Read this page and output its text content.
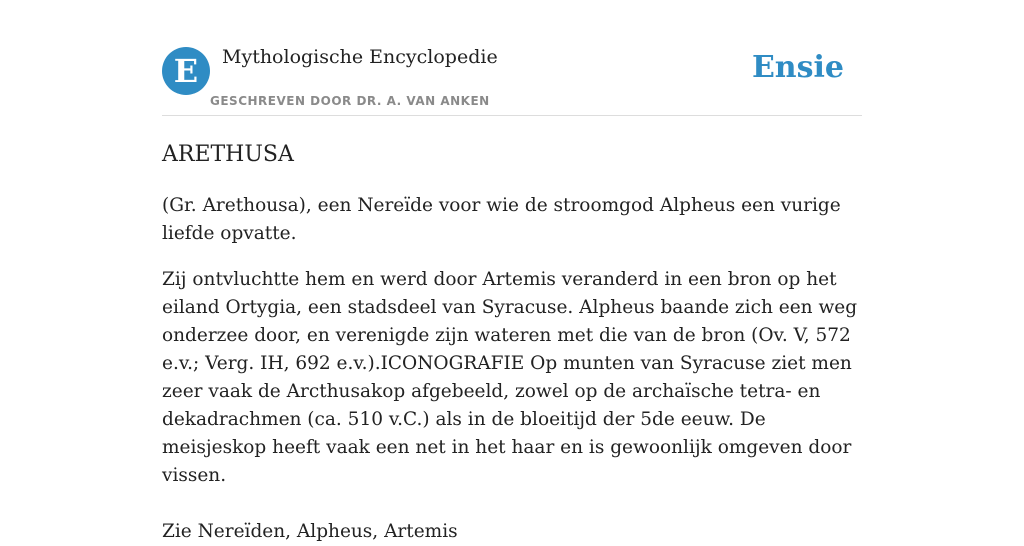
E	Mythologische Encyclopedie
GESCHREVEN DOOR DR. A. VAN ANKEN
Ensie
ARETHUSA

(Gr. Arethousa), een Nereïde voor wie de stroomgod Alpheus een vurige liefde opvatte.

Zij ontvluchtte hem en werd door Artemis veranderd in een bron op het eiland Ortygia, een stadsdeel van Syracuse. Alpheus baande zich een weg onderzee door, en verenigde zijn wateren met die van de bron (Ov. V, 572 e.v.; Verg. IH, 692 e.v.).ICONOGRAFIE Op munten van Syracuse ziet men zeer vaak de Arcthusakop afgebeeld, zowel op de archaïsche tetra- en dekadrachmen (ca. 510 v.C.) als in de bloeitijd der 5de eeuw. De meisjeskop heeft vaak een net in het haar en is gewoonlijk omgeven door vissen.

Zie Nereïden, Alpheus, Artemis
